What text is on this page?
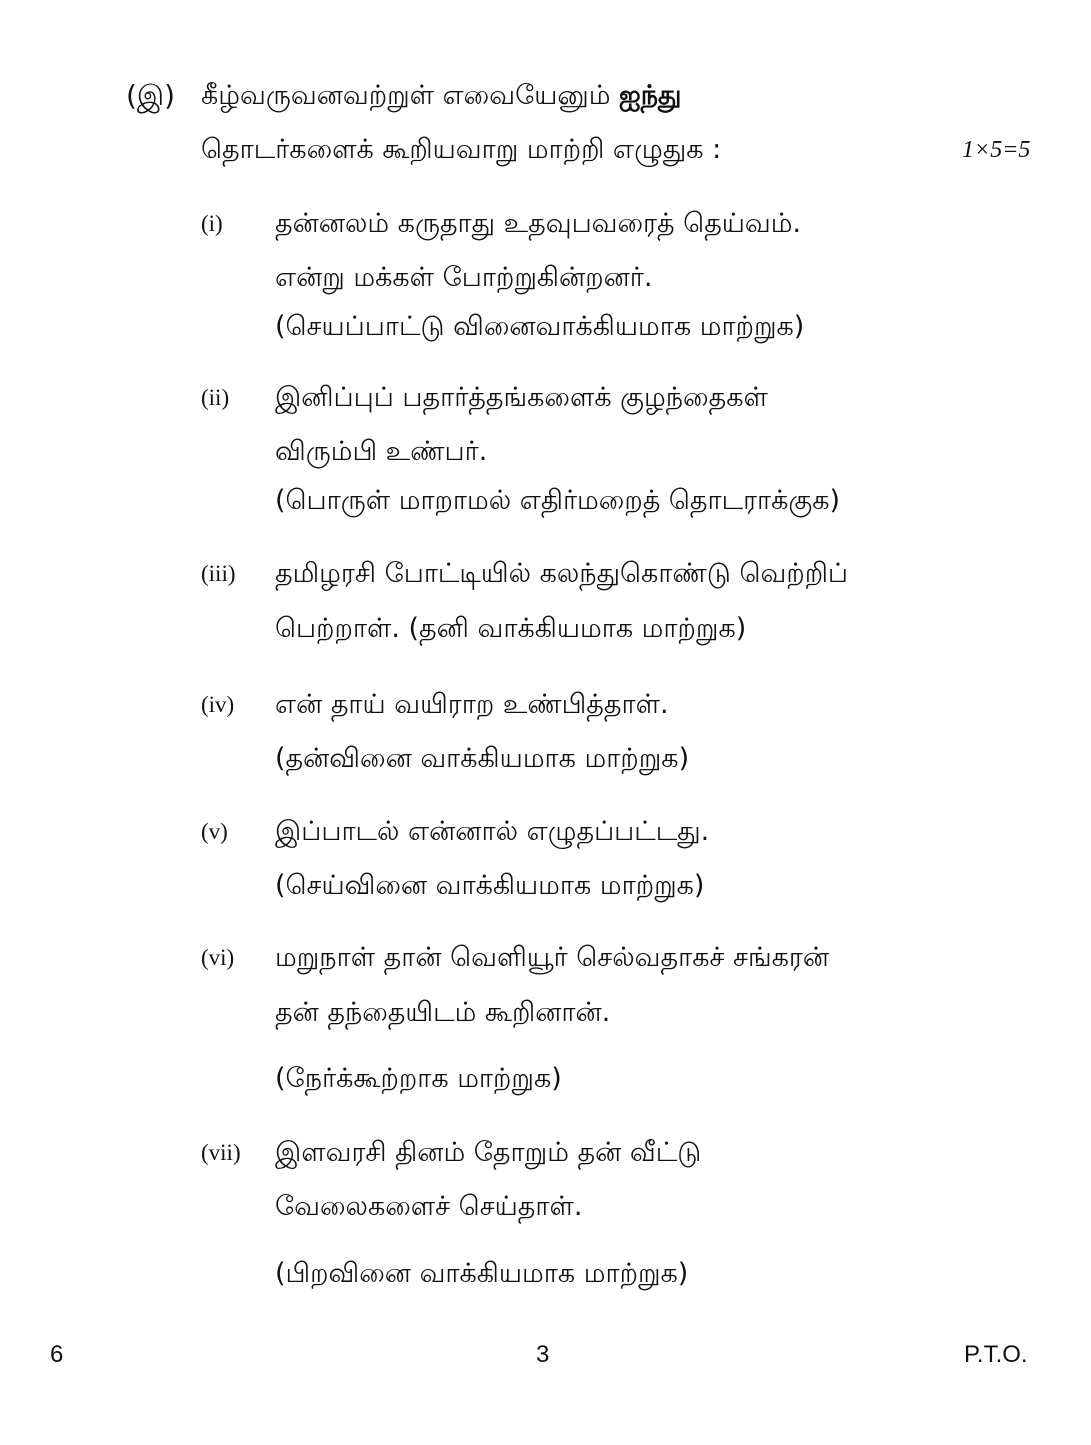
(இ) கீழ்வருவனவற்றுள் எவையேனும் ஐந்து
தொடர்களைக் கூறியவாறு மாற்றி எழுதுக :	1×5=5
(i) தன்னலம் கருதாது உதவுபவரைத் தெய்வம்.
என்று மக்கள் போற்றுகின்றனர்.
(செயப்பாட்டு வினைவாக்கியமாக மாற்றுக)
(ii) இனிப்புப் பதார்த்தங்களைக் குழந்தைகள்
விரும்பி உண்பர்.
(பொருள் மாறாமல் எதிர்மறைத் தொடராக்குக)
(iii) தமிழரசி போட்டியில் கலந்துகொண்டு வெற்றிப்
பெற்றாள். (தனி வாக்கியமாக மாற்றுக)
(iv) என் தாய் வயிராற உண்பித்தாள்.
(தன்வினை வாக்கியமாக மாற்றுக)
(v) இப்பாடல் என்னால் எழுதப்பட்டது.
(செய்வினை வாக்கியமாக மாற்றுக)
(vi) மறுநாள் தான் வெளியூர் செல்வதாகச் சங்கரன்
தன் தந்தையிடம் கூறினான்.
(நேர்க்கூற்றாக மாற்றுக)
(vii) இளவரசி தினம் தோறும் தன் வீட்டு
வேலைகளைச் செய்தாள்.
(பிறவினை வாக்கியமாக மாற்றுக)
6	3	P.T.O.
